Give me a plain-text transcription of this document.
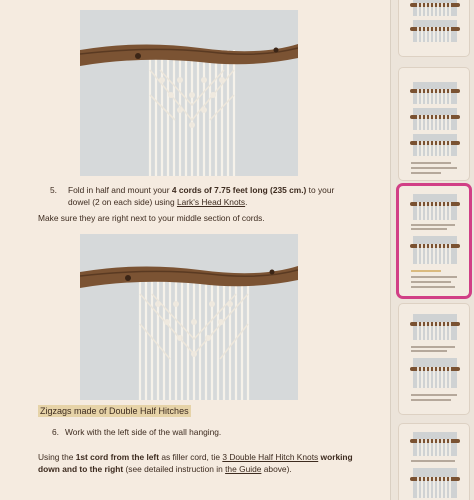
5.	Fold in half and mount your 4 cords of 7.75 feet long (235 cm.) to your dowel (2 on each side) using Lark's Head Knots.
Make sure they are right next to your middle section of cords.
Zigzags made of Double Half Hitches
6. Work with the left side of the wall hanging.
Using the 1st cord from the left as filler cord, tie 3 Double Half Hitch Knots working down and to the right (see detailed instruction in the Guide above).
